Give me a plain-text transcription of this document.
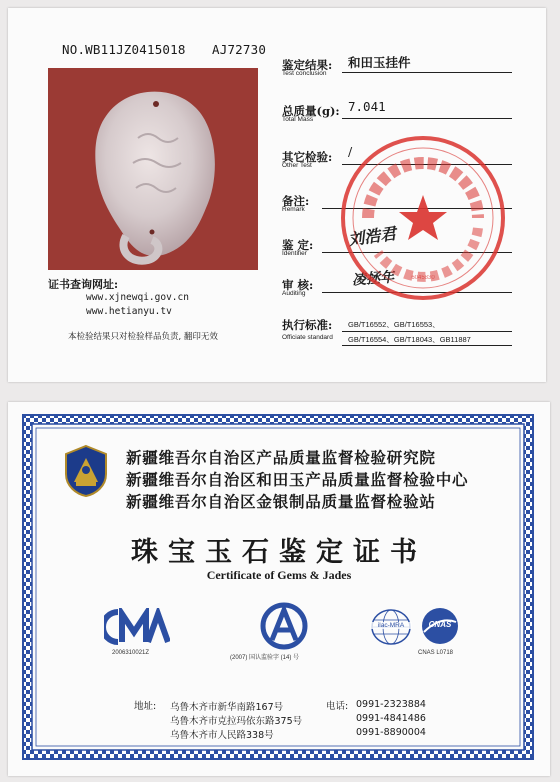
NO.WB11JZ0415018 AJ72730
证书查询网址:
www.xjnewqi.gov.cn
www.hetianyu.tv
本检验结果只对检验样品负责, 翻印无效
鉴定结果:
Test conclusion
和田玉挂件
总质量(g):
Total Mass
7.041
其它检验:
Other Test
/
备注:
Remark
鉴 定:
Identifier
刘浩君
审 核:
Auditing
凌拯年
执行标准:
Officiate standard
GB/T16552、GB/T16553、
GB/T16554、GB/T18043、GB11887
6045830
新疆维吾尔自治区产品质量监督检验研究院
新疆维吾尔自治区和田玉产品质量监督检验中心
新疆维吾尔自治区金银制品质量监督检验站
珠宝玉石鉴定证书
Certificate of Gems & Jades
2006310021Z
(2007) 国认监验字 (14) 号
ilac-MRA	CNAS
CNAS L0718
地址: 乌鲁木齐市新华南路167号
乌鲁木齐市克拉玛依东路375号
乌鲁木齐市人民路338号
电话: 0991-2323884
0991-4841486
0991-8890004
